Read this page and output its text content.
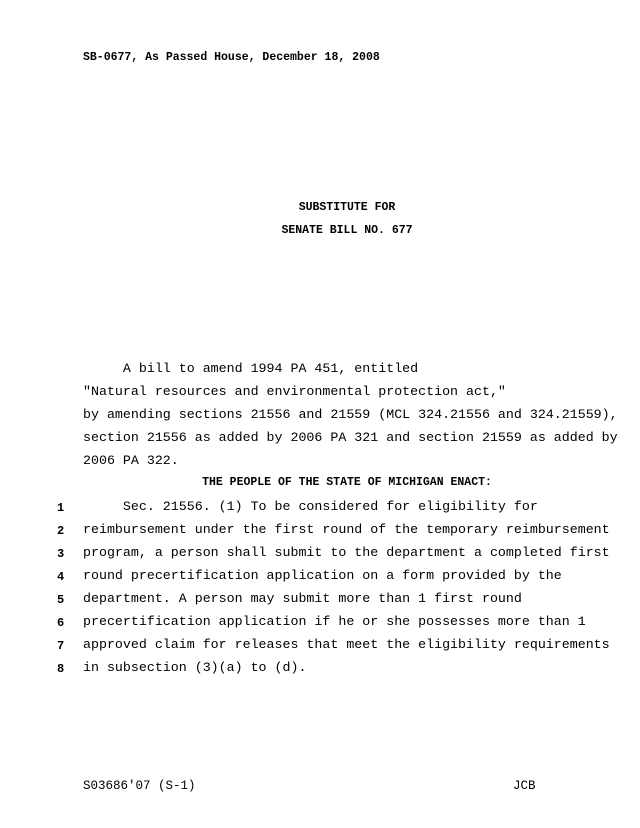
SB-0677, As Passed House, December 18, 2008
SUBSTITUTE FOR
SENATE BILL NO. 677
A bill to amend 1994 PA 451, entitled
"Natural resources and environmental protection act,"
by amending sections 21556 and 21559 (MCL 324.21556 and 324.21559),
section 21556 as added by 2006 PA 321 and section 21559 as added by
2006 PA 322.
THE PEOPLE OF THE STATE OF MICHIGAN ENACT:
1	Sec. 21556. (1) To be considered for eligibility for
2	reimbursement under the first round of the temporary reimbursement
3	program, a person shall submit to the department a completed first
4	round precertification application on a form provided by the
5	department. A person may submit more than 1 first round
6	precertification application if he or she possesses more than 1
7	approved claim for releases that meet the eligibility requirements
8	in subsection (3)(a) to (d).
S03686'07 (S-1)	JCB
